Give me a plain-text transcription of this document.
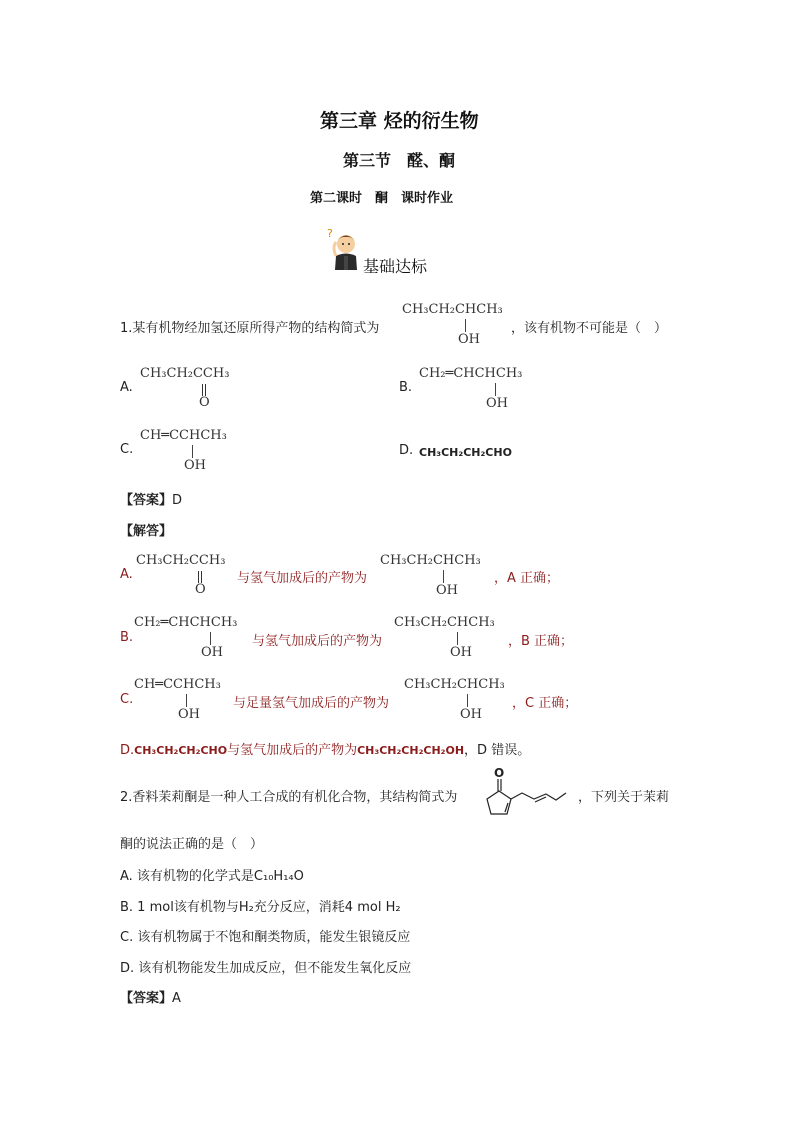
第三章 烃的衍生物
第三节　醛、酮
第二课时　酮　课时作业
?
基础达标
1.某有机物经加氢还原所得产物的结构简式为
CH₃CH₂CHCH₃
OH
，该有机物不可能是（　）
A.
CH₃CH₂CCH₃
O
B.
CH₂═CHCHCH₃
OH
C.
CH═CCHCH₃
OH
D. CH₃CH₂CH₂CHO
【答案】D
【解答】
A.
CH₃CH₂CCH₃
O
与氢气加成后的产物为
CH₃CH₂CHCH₃
OH
，A 正确；
B.
CH₂═CHCHCH₃
OH
与氢气加成后的产物为
CH₃CH₂CHCH₃
OH
，B 正确；
C.
CH═CCHCH₃
OH
与足量氢气加成后的产物为
CH₃CH₂CHCH₃
OH
，C 正确；
D.CH₃CH₂CH₂CHO与氢气加成后的产物为CH₃CH₂CH₂CH₂OH，D 错误。
2.香料茉莉酮是一种人工合成的有机化合物，其结构简式为
O
，下列关于茉莉
酮的说法正确的是（　）
A. 该有机物的化学式是C₁₀H₁₄O
B. 1 mol该有机物与H₂充分反应，消耗4 mol H₂
C. 该有机物属于不饱和酮类物质，能发生银镜反应
D. 该有机物能发生加成反应，但不能发生氧化反应
【答案】A
